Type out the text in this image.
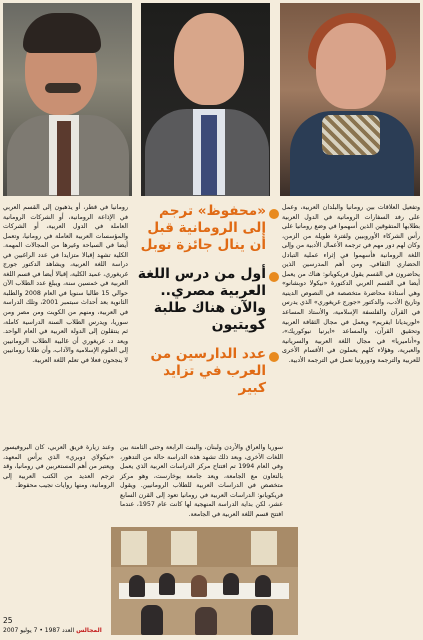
وتفعيل العلاقات بين رومانيا والبلدان العربية، وعمل على رفد السفارات الرومانية في الدول العربية بطلابها المتفوقين الذين أسهموا في وضع رومانيا على رأس الشركاء الأوروبيين ولفترة طويلة من الزمن، وكان لهم دور مهم في ترجمة الأعمال الأدبية من وإلى اللغة الرومانية فأسهموا في إثراء عملية التبادل الحضاري الثقافي. ومن أهم المدرسين الذين يحاضرون في القسم يقول فريكويانو: هناك من يعمل أيضا في القسم العربي الدكتورة «نيكولا دوبشانو» وهي أستاذة محاضرة متخصصة في النصوص الدينية وتاريخ الأدب، والدكتور «جورج غريغوري» الذي يدرس في القرآن والفلسفة الإسلامية، والأستاذ المساعد «لوريديانا ايفريم» ويعمل في مجال الثقافة العربية وتحقيق القرآن، والمساعد «ايرنيا نيوكوريك»، و«أناميريا» في مجال اللغة العربية والسريانية والعبرية، وهؤلاء كلهم يعملون في الأقسام الأخرى للعربية والترجمة ودوروتيا تعمل في الترجمة الأدبية.

«محفوظ» ترجم إلى الرومانية قبل أن ينال جائزة نوبل

أول من درس اللغة العربية مصري.. والآن هناك طلبة كويتيون

عدد الدارسين من العرب في تزايد كبير

رومانيا في قطر، أو يذهبون إلى القسم العربي في الإذاعة الرومانية، أو الشركات الرومانية العاملة في الدول العربية، أو الشركات والمؤسسات العربية العاملة في رومانيا، وتعمل أيضا في السياحة وغيرها من المجالات المهمة. الكلية تشهد إقبالا متزايدا في عدد الراغبين في دراسة اللغة العربية، ويشاهد الدكتور جورج غريغوري، عميد الكلية، إقبالا أيضا في قسم اللغة العربية في خمسين سنة، ويبلغ عدد الطلاب الآن حوالي 15 طالبا سنويا في العام 2008 والطلبة الثانوية بعد أحداث سبتمبر 2001، وتلك الدراسة في العربية، ومنهم من الكويت ومن مصر ومن سوريا، ويدرس الطلاب السنة الدراسية كاملة، ثم ينتقلون إلى الدولة العربية في العام الواحد. ويعد د. غريغوري أن غالبية الطلاب الرومانيين إلى العلوم الإسلامية والآداب، وأن طلابا رومانيين لا ينجحون فعلا في تعلم اللغة العربية.

سوريا والعراق والأردن ولبنان، والبنت الرابعة وحتى الثامنة بين اللغات الأخرى، وبعد ذلك تشهد هذه الدراسة حالة من التدهور، وفي العام 1994 تم افتتاح مركز الدراسات العربية الذي يعمل بالتعاون مع الجامعة، ويعد جامعة بوخارست، وهو مركز متخصص في الدراسات العربية للطلاب الرومانيين. ويقول فريكويانو: الدراسات العربية في رومانيا تعود إلى القرن السابع عشر، لكن بداية الدراسة المنهجية لها كانت عام 1957، عندما افتتح قسم اللغة العربية في الجامعة.

وعند زيارة فريق العربي، كان البروفيسور «نيكولاي دوبري» الذي يرأس المعهد، ويعتبر من أهم المستعربين في رومانيا، وقد ترجم العديد من الكتب العربية إلى الرومانية، ومنها روايات نجيب محفوظ.

25
المجالس العدد 1987 • 7 يوليو 2007
